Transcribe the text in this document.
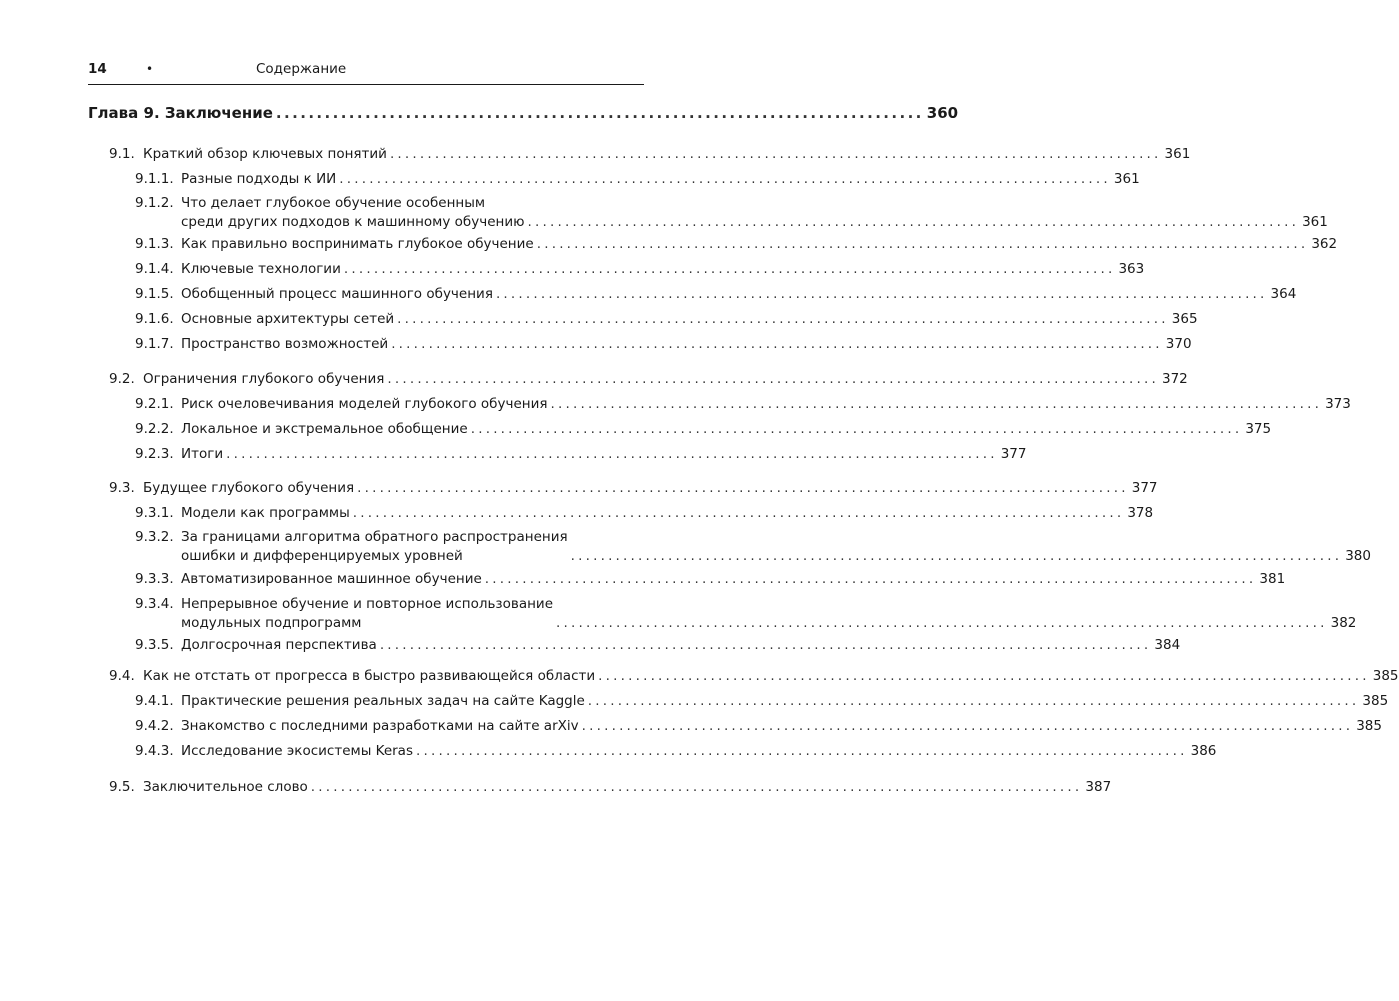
14	•	Содержание
Глава 9. Заключение ................................................................................ 360
9.1. Краткий обзор ключевых понятий ....................................................................................................... 361
9.1.1. Разные подходы к ИИ ....................................................................................................... 361
9.1.2. Что делает глубокое обучение особенным
среди других подходов к машинному обучению ....................................................................................................... 361
9.1.3. Как правильно воспринимать глубокое обучение ....................................................................................................... 362
9.1.4. Ключевые технологии ....................................................................................................... 363
9.1.5. Обобщенный процесс машинного обучения ....................................................................................................... 364
9.1.6. Основные архитектуры сетей ....................................................................................................... 365
9.1.7. Пространство возможностей ....................................................................................................... 370
9.2. Ограничения глубокого обучения ....................................................................................................... 372
9.2.1. Риск очеловечивания моделей глубокого обучения ....................................................................................................... 373
9.2.2. Локальное и экстремальное обобщение ....................................................................................................... 375
9.2.3. Итоги ....................................................................................................... 377
9.3. Будущее глубокого обучения ....................................................................................................... 377
9.3.1. Модели как программы ....................................................................................................... 378
9.3.2. За границами алгоритма обратного распространения
ошибки и дифференцируемых уровней	....................................................................................................... 380
9.3.3. Автоматизированное машинное обучение ....................................................................................................... 381
9.3.4. Непрерывное обучение и повторное использование
модульных подпрограмм	....................................................................................................... 382
9.3.5. Долгосрочная перспектива ....................................................................................................... 384
9.4. Как не отстать от прогресса в быстро развивающейся области ....................................................................................................... 385
9.4.1. Практические решения реальных задач на сайте Kaggle ....................................................................................................... 385
9.4.2. Знакомство с последними разработками на сайте arXiv ....................................................................................................... 385
9.4.3. Исследование экосистемы Keras ....................................................................................................... 386
9.5. Заключительное слово ....................................................................................................... 387
